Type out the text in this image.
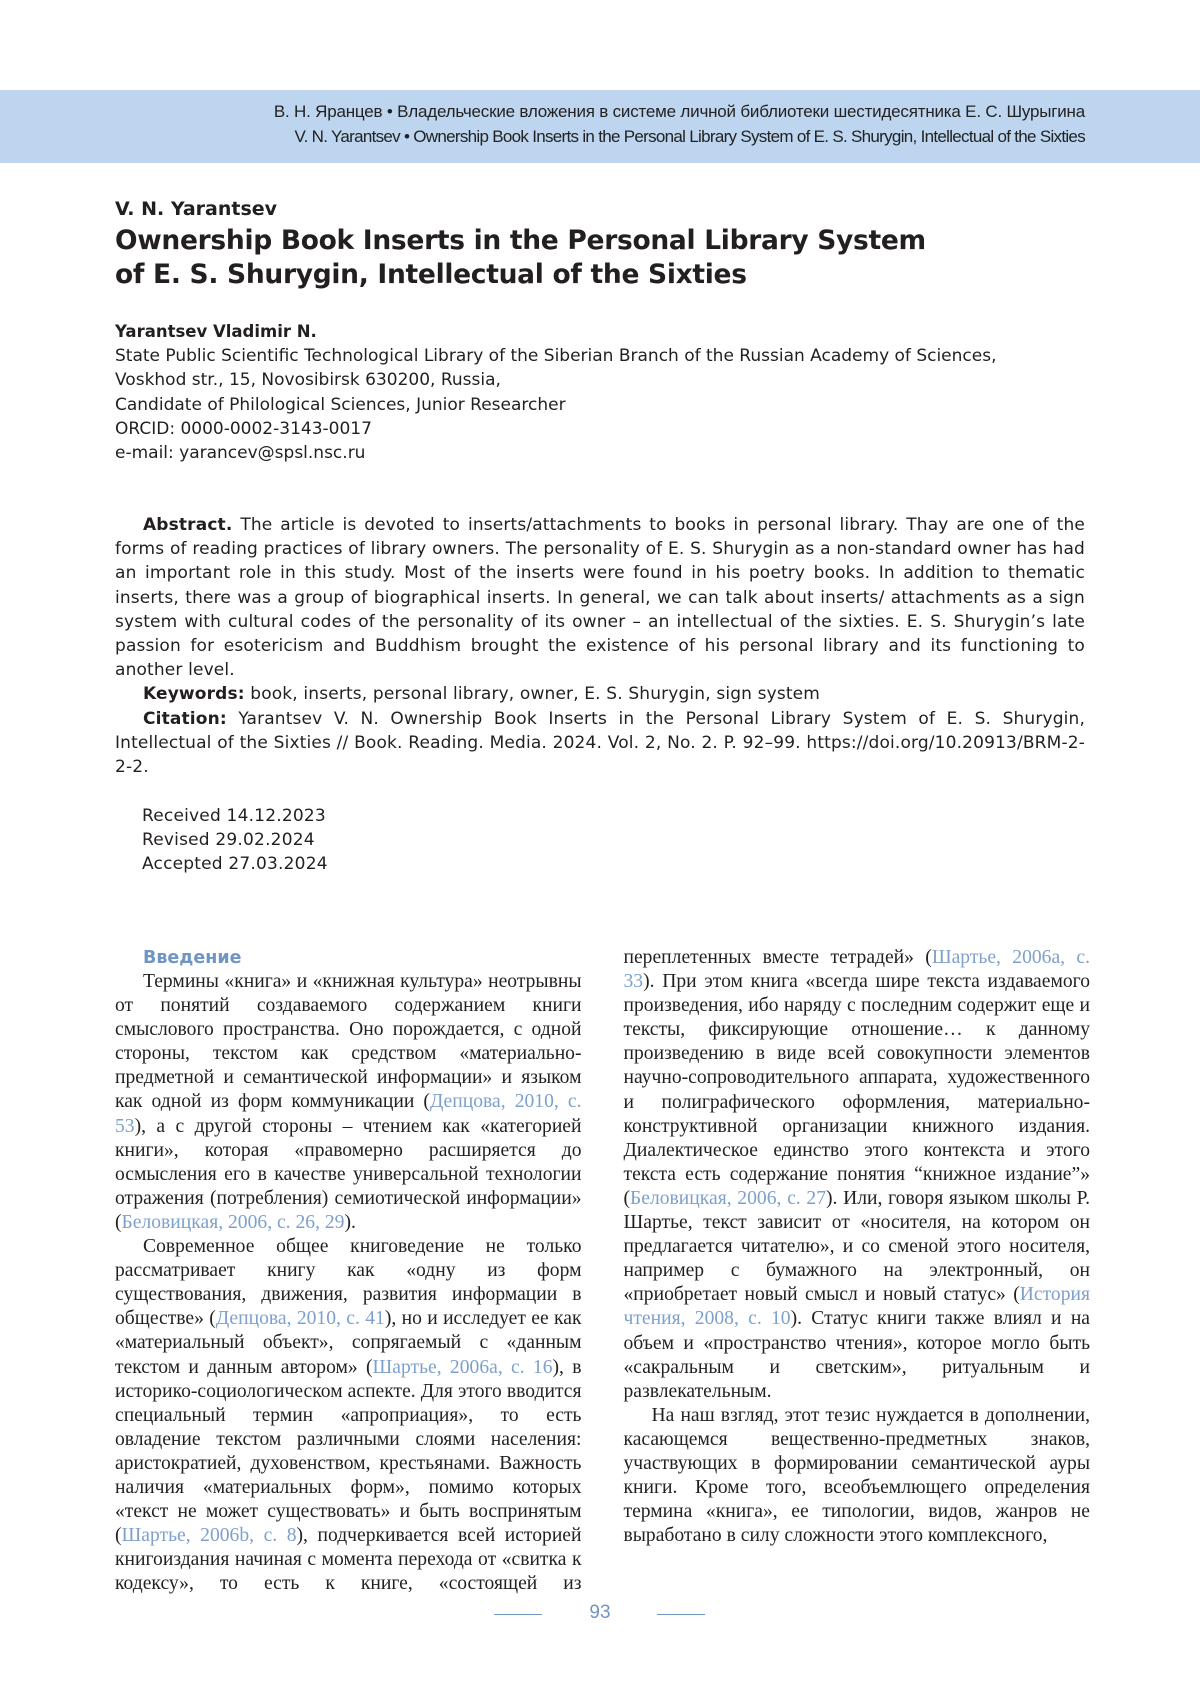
В. Н. Яранцев • Владельческие вложения в системе личной библиотеки шестидесятника Е. С. Шурыгина
V. N. Yarantsev • Ownership Book Inserts in the Personal Library System of E. S. Shurygin, Intellectual of the Sixties
V. N. Yarantsev
Ownership Book Inserts in the Personal Library System
of E. S. Shurygin, Intellectual of the Sixties
Yarantsev Vladimir N.
State Public Scientific Technological Library of the Siberian Branch of the Russian Academy of Sciences,
Voskhod str., 15, Novosibirsk 630200, Russia,
Candidate of Philological Sciences, Junior Researcher
ORCID: 0000-0002-3143-0017
e-mail: yarancev@spsl.nsc.ru

Abstract. The article is devoted to inserts/attachments to books in personal library. Thay are one of the forms of reading practices of library owners. The personality of E. S. Shurygin as a non-standard owner has had an important role in this study. Most of the inserts were found in his poetry books. In addition to thematic inserts, there was a group of biographical inserts. In general, we can talk about inserts/ attachments as a sign system with cultural codes of the personality of its owner – an intellectual of the sixties. E. S. Shurygin’s late passion for esotericism and Buddhism brought the existence of his personal library and its functioning to another level.

Keywords: book, inserts, personal library, owner, E. S. Shurygin, sign system

Citation: Yarantsev V. N. Ownership Book Inserts in the Personal Library System of E. S. Shurygin, Intellectual of the Sixties // Book. Reading. Media. 2024. Vol. 2, No. 2. P. 92–99. https://doi.org/10.20913/BRM-2-2-2.

Received 14.12.2023
Revised 29.02.2024
Accepted 27.03.2024
Введение

Термины «книга» и «книжная культура» неотрывны от понятий создаваемого содержанием книги смыслового пространства. Оно порождается, с одной стороны, текстом как средством «материально-предметной и семантической информации» и языком как одной из форм коммуникации (Депцова, 2010, с. 53), а с другой стороны – чтением как «категорией книги», которая «правомерно расширяется до осмысления его в качестве универсальной технологии отражения (потребления) семиотической информации» (Беловицкая, 2006, с. 26, 29).

Современное общее книговедение не только рассматривает книгу как «одну из форм существования, движения, развития информации в обществе» (Депцова, 2010, с. 41), но и исследует ее как «материальный объект», сопрягаемый с «данным текстом и данным автором» (Шартье, 2006a, с. 16), в историко-социологическом аспекте. Для этого вводится специальный термин «апроприация», то есть овладение текстом различными слоями населения: аристократией, духовенством, крестьянами. Важность наличия «материальных форм», помимо которых «текст не может существовать» и быть воспринятым (Шартье, 2006b, с. 8), подчеркивается всей историей книгоиздания начиная с момента перехода от «свитка к кодексу», то есть к книге, «состоящей из переплетенных вместе тетрадей» (Шартье, 2006a, с. 33). При этом книга «всегда шире текста издаваемого произведения, ибо наряду с последним содержит еще и тексты, фиксирующие отношение… к данному произведению в виде всей совокупности элементов научно-сопроводительного аппарата, художественного и полиграфического оформления, материально-конструктивной организации книжного издания. Диалектическое единство этого контекста и этого текста есть содержание понятия “книжное издание”» (Беловицкая, 2006, с. 27). Или, говоря языком школы Р. Шартье, текст зависит от «носителя, на котором он предлагается читателю», и со сменой этого носителя, например с бумажного на электронный, он «приобретает новый смысл и новый статус» (История чтения, 2008, с. 10). Статус книги также влиял и на объем и «пространство чтения», которое могло быть «сакральным и светским», ритуальным и развлекательным.

На наш взгляд, этот тезис нуждается в дополнении, касающемся вещественно-предметных знаков, участвующих в формировании семантической ауры книги. Кроме того, всеобъемлющего определения термина «книга», ее типологии, видов, жанров не выработано в силу сложности этого комплексного,

93
